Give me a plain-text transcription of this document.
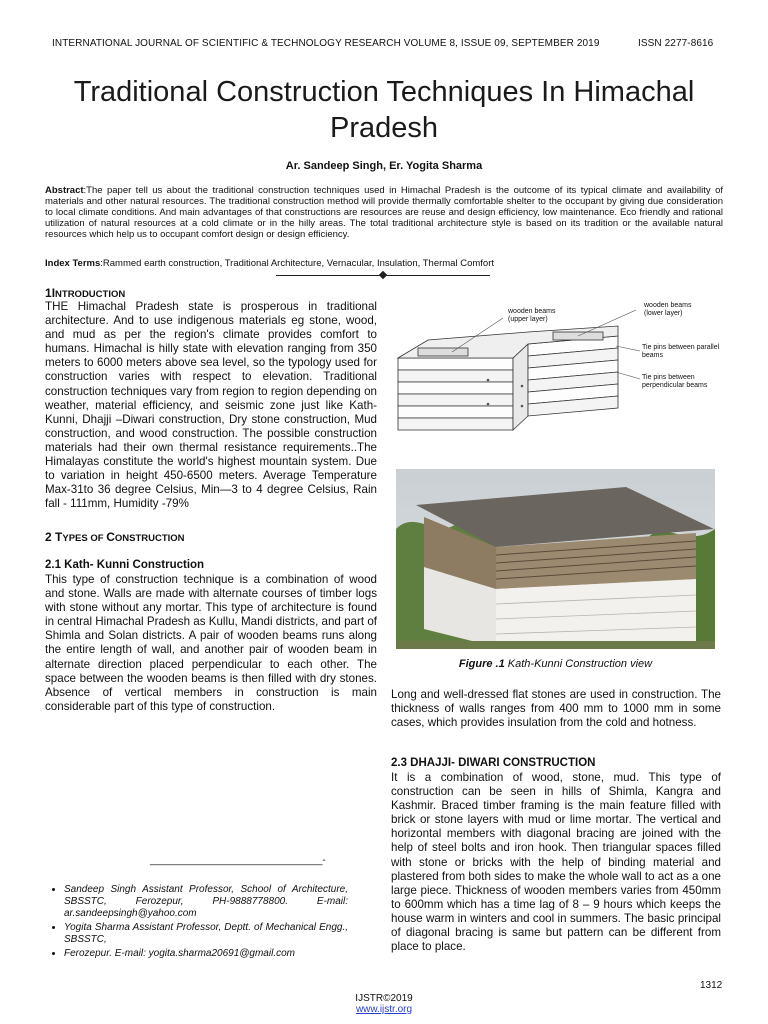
INTERNATIONAL JOURNAL OF SCIENTIFIC & TECHNOLOGY RESEARCH VOLUME 8, ISSUE 09, SEPTEMBER 2019	ISSN 2277-8616
Traditional Construction Techniques In Himachal Pradesh
Ar. Sandeep Singh, Er. Yogita Sharma
Abstract:The paper tell us about the traditional construction techniques used in Himachal Pradesh is the outcome of its typical climate and availability of materials and other natural resources. The traditional construction method will provide thermally comfortable shelter to the occupant by giving due consideration to local climate conditions. And main advantages of that constructions are resources are reuse and design efficiency, low maintenance. Eco friendly and rational utilization of natural resources at a cold climate or in the hilly areas. The total traditional architecture style is based on its tradition or the available natural resources which help us to occupant comfort design or design efficiency.
Index Terms:Rammed earth construction, Traditional Architecture, Vernacular, Insulation, Thermal Comfort
1INTRODUCTION
THE Himachal Pradesh state is prosperous in traditional architecture. And to use indigenous materials eg stone, wood, and mud as per the region's climate provides comfort to humans. Himachal is hilly state with elevation ranging from 350 meters to 6000 meters above sea level, so the typology used for construction varies with respect to elevation. Traditional construction techniques vary from region to region depending on weather, material efficiency, and seismic zone just like Kath-Kunni, Dhajji –Diwari construction, Dry stone construction, Mud construction, and wood construction. The possible construction materials had their own thermal resistance requirements..The Himalayas constitute the world's highest mountain system. Due to variation in height 450-6500 meters. Average Temperature Max-31to 36 degree Celsius, Min—3 to 4 degree Celsius, Rain fall - 111mm, Humidity -79%
2 TYPES OF CONSTRUCTION
2.1 Kath- Kunni Construction
This type of construction technique is a combination of wood and stone. Walls are made with alternate courses of timber logs with stone without any mortar. This type of architecture is found in central Himachal Pradesh as Kullu, Mandi districts, and part of Shimla and Solan districts. A pair of wooden beams runs along the entire length of wall, and another pair of wooden beam in alternate direction placed perpendicular to each other. The space between the wooden beams is then filled with dry stones. Absence of vertical members in construction is main considerable part of this type of construction.
_______________________________-
• Sandeep Singh Assistant Professor, School of Architecture, SBSSTC, Ferozepur, PH-9888778800. E-mail: ar.sandeepsingh@yahoo.com
• Yogita Sharma Assistant Professor, Deptt. of Mechanical Engg., SBSSTC,
• Ferozepur. E-mail: yogita.sharma20691@gmail.com
wooden beams
(upper layer)
wooden beams
(lower layer)
Tie pins between parallel
beams
Tie pins between
perpendicular beams
Figure .1 Kath-Kunni Construction view
Long and well-dressed flat stones are used in construction. The thickness of walls ranges from 400 mm to 1000 mm in some cases, which provides insulation from the cold and hotness.
2.3 DHAJJI- DIWARI CONSTRUCTION
It is a combination of wood, stone, mud. This type of construction can be seen in hills of Shimla, Kangra and Kashmir. Braced timber framing is the main feature filled with brick or stone layers with mud or lime mortar. The vertical and horizontal members with diagonal bracing are joined with the help of steel bolts and iron hook. Then triangular spaces filled with stone or bricks with the help of binding material and plastered from both sides to make the whole wall to act as a one large piece. Thickness of wooden members varies from 450mm to 600mm which has a time lag of 8 – 9 hours which keeps the house warm in winters and cool in summers. The basic principal of diagonal bracing is same but pattern can be different from place to place.
1312
IJSTR©2019
www.ijstr.org
